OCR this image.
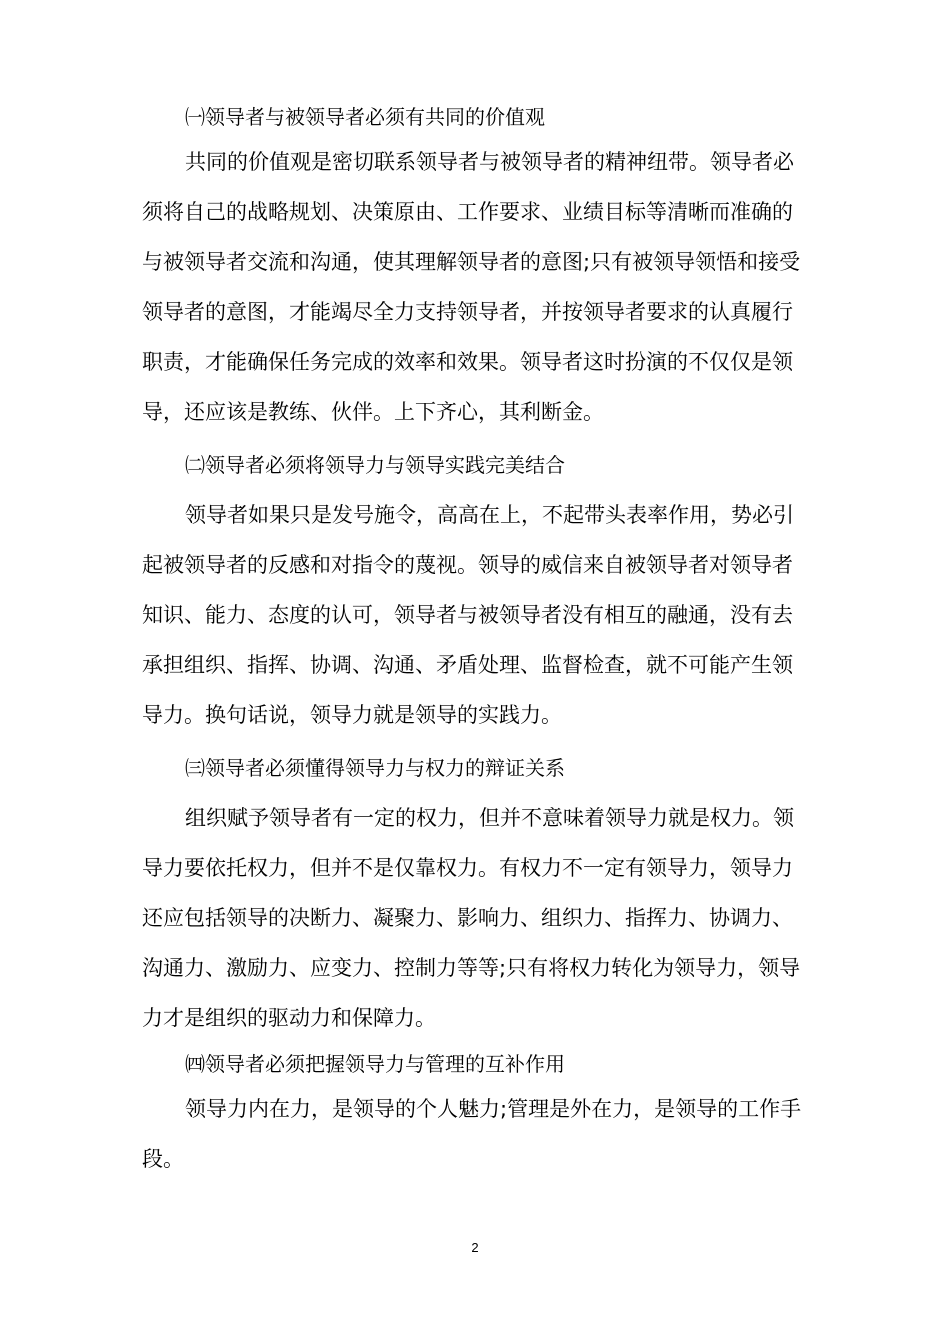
㈠领导者与被领导者必须有共同的价值观
共同的价值观是密切联系领导者与被领导者的精神纽带。领导者必
须将自己的战略规划、决策原由、工作要求、业绩目标等清晰而准确的
与被领导者交流和沟通，使其理解领导者的意图;只有被领导领悟和接受
领导者的意图，才能竭尽全力支持领导者，并按领导者要求的认真履行
职责，才能确保任务完成的效率和效果。领导者这时扮演的不仅仅是领
导，还应该是教练、伙伴。上下齐心，其利断金。
㈡领导者必须将领导力与领导实践完美结合
领导者如果只是发号施令，高高在上，不起带头表率作用，势必引
起被领导者的反感和对指令的蔑视。领导的威信来自被领导者对领导者
知识、能力、态度的认可，领导者与被领导者没有相互的融通，没有去
承担组织、指挥、协调、沟通、矛盾处理、监督检查，就不可能产生领
导力。换句话说，领导力就是领导的实践力。
㈢领导者必须懂得领导力与权力的辩证关系
组织赋予领导者有一定的权力，但并不意味着领导力就是权力。领
导力要依托权力，但并不是仅靠权力。有权力不一定有领导力，领导力
还应包括领导的决断力、凝聚力、影响力、组织力、指挥力、协调力、
沟通力、激励力、应变力、控制力等等;只有将权力转化为领导力，领导
力才是组织的驱动力和保障力。
㈣领导者必须把握领导力与管理的互补作用
领导力内在力，是领导的个人魅力;管理是外在力，是领导的工作手
段。
2
